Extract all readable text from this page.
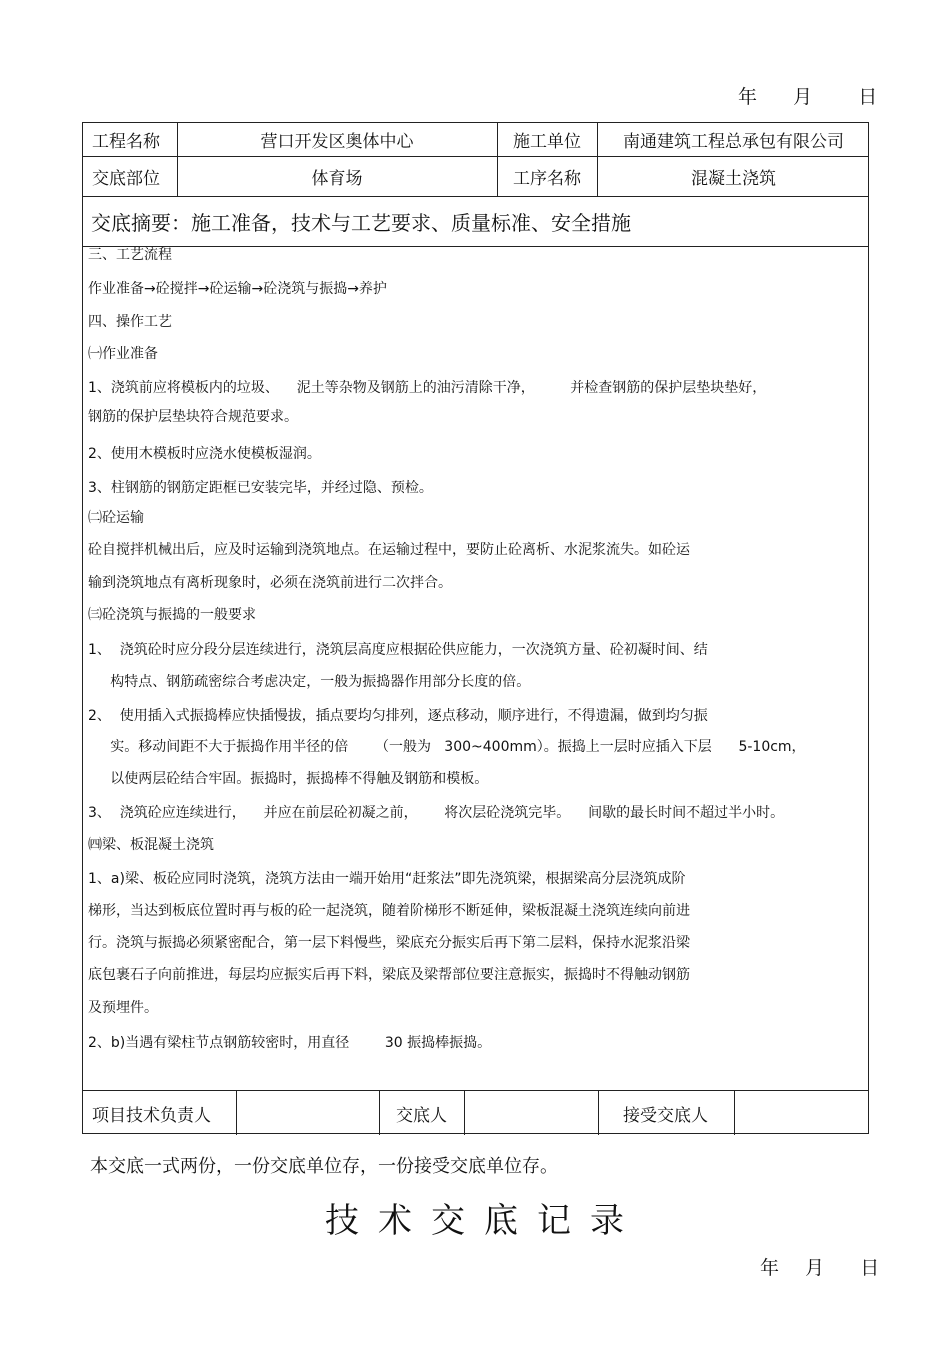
年 月 日
工程名称	营口开发区奥体中心	施工单位	南通建筑工程总承包有限公司
交底部位	体育场	工序名称	混凝土浇筑
交底摘要：施工准备，技术与工艺要求、质量标准、安全措施
项目技术负责人	交底人	接受交底人
三、工艺流程
作业准备→砼搅拌→砼运输→砼浇筑与振捣→养护
四、操作工艺
㈠作业准备
1、浇筑前应将模板内的垃圾、    泥土等杂物及钢筋上的油污清除干净，        并检查钢筋的保护层垫块垫好，
钢筋的保护层垫块符合规范要求。
2、使用木模板时应浇水使模板湿润。
3、柱钢筋的钢筋定距框已安装完毕，并经过隐、预检。
㈡砼运输
砼自搅拌机械出后，应及时运输到浇筑地点。在运输过程中，要防止砼离析、水泥浆流失。如砼运
输到浇筑地点有离析现象时，必须在浇筑前进行二次拌合。
㈢砼浇筑与振捣的一般要求
1、  浇筑砼时应分段分层连续进行，浇筑层高度应根据砼供应能力，一次浇筑方量、砼初凝时间、结
构特点、钢筋疏密综合考虑决定，一般为振捣器作用部分长度的倍。
2、  使用插入式振捣棒应快插慢拔，插点要均匀排列，逐点移动，顺序进行，不得遗漏，做到均匀振
实。移动间距不大于振捣作用半径的倍      （一般为   300~400mm）。振捣上一层时应插入下层      5-10cm，
以使两层砼结合牢固。振捣时，振捣棒不得触及钢筋和模板。
3、  浇筑砼应连续进行，    并应在前层砼初凝之前，      将次层砼浇筑完毕。    间歇的最长时间不超过半小时。
㈣梁、板混凝土浇筑
1、a)梁、板砼应同时浇筑，浇筑方法由一端开始用“赶浆法”即先浇筑梁，根据梁高分层浇筑成阶
梯形，当达到板底位置时再与板的砼一起浇筑，随着阶梯形不断延伸，梁板混凝土浇筑连续向前进
行。浇筑与振捣必须紧密配合，第一层下料慢些，梁底充分振实后再下第二层料，保持水泥浆沿梁
底包裹石子向前推进，每层均应振实后再下料，梁底及梁帮部位要注意振实，振捣时不得触动钢筋
及预埋件。
2、b)当遇有梁柱节点钢筋较密时，用直径        30 振捣棒振捣。
本交底一式两份，一份交底单位存，一份接受交底单位存。
技术交底记录
年 月 日
